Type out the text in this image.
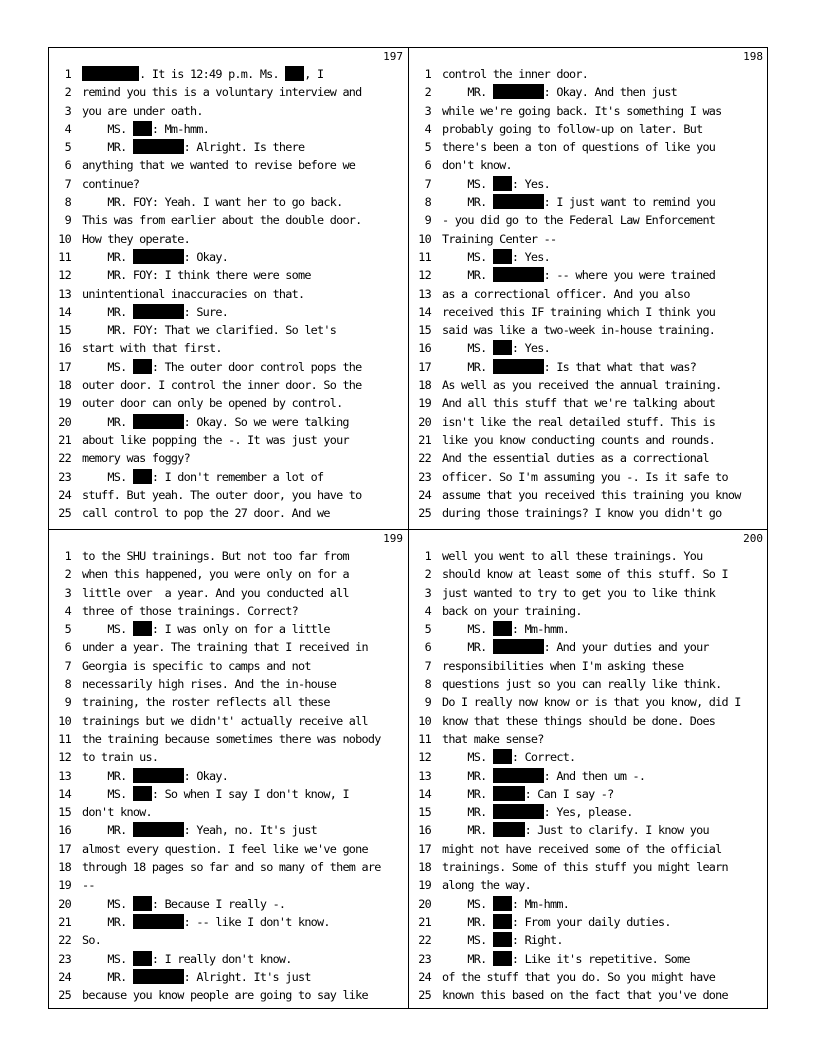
197
1	. It is 12:49 p.m. Ms. , I
2 remind you this is a voluntary interview and
3 you are under oath.
4 MS. : Mm-hmm.
5 MR.	: Alright. Is there
6 anything that we wanted to revise before we
7 continue?
8 MR. FOY: Yeah. I want her to go back.
9 This was from earlier about the double door.
10 How they operate.
11 MR.	: Okay.
12 MR. FOY: I think there were some
13 unintentional inaccuracies on that.
14 MR.	: Sure.
15 MR. FOY: That we clarified. So let's
16 start with that first.
17 MS. : The outer door control pops the
18 outer door. I control the inner door. So the
19 outer door can only be opened by control.
20 MR.	: Okay. So we were talking
21 about like popping the -. It was just your
22 memory was foggy?
23 MS. : I don't remember a lot of
24 stuff. But yeah. The outer door, you have to
25 call control to pop the 27 door. And we
198
1 control the inner door.
2 MR.	: Okay. And then just
3 while we're going back. It's something I was
4 probably going to follow-up on later. But
5 there's been a ton of questions of like you
6 don't know.
7 MS. : Yes.
8 MR.	: I just want to remind you
9 - you did go to the Federal Law Enforcement
10 Training Center --
11 MS. : Yes.
12 MR.	: -- where you were trained
13 as a correctional officer. And you also
14 received this IF training which I think you
15 said was like a two-week in-house training.
16 MS. : Yes.
17 MR.	: Is that what that was?
18 As well as you received the annual training.
19 And all this stuff that we're talking about
20 isn't like the real detailed stuff. This is
21 like you know conducting counts and rounds.
22 And the essential duties as a correctional
23 officer. So I'm assuming you -. Is it safe to
24 assume that you received this training you know
25 during those trainings? I know you didn't go
199
1 to the SHU trainings. But not too far from
2 when this happened, you were only on for a
3 little over  a year. And you conducted all
4 three of those trainings. Correct?
5 MS. : I was only on for a little
6 under a year. The training that I received in
7 Georgia is specific to camps and not
8 necessarily high rises. And the in-house
9 training, the roster reflects all these
10 trainings but we didn't' actually receive all
11 the training because sometimes there was nobody
12 to train us.
13 MR.	: Okay.
14 MS. : So when I say I don't know, I
15 don't know.
16 MR.	: Yeah, no. It's just
17 almost every question. I feel like we've gone
18 through 18 pages so far and so many of them are
19 --
20 MS. : Because I really -.
21 MR.	: -- like I don't know.
22 So.
23 MS. : I really don't know.
24 MR.	: Alright. It's just
25 because you know people are going to say like
200
1 well you went to all these trainings. You
2 should know at least some of this stuff. So I
3 just wanted to try to get you to like think
4 back on your training.
5 MS. : Mm-hmm.
6 MR.	: And your duties and your
7 responsibilities when I'm asking these
8 questions just so you can really like think.
9 Do I really now know or is that you know, did I
10 know that these things should be done. Does
11 that make sense?
12 MS. : Correct.
13 MR.	: And then um -.
14 MR.	: Can I say -?
15 MR.	: Yes, please.
16 MR.	: Just to clarify. I know you
17 might not have received some of the official
18 trainings. Some of this stuff you might learn
19 along the way.
20 MS. : Mm-hmm.
21 MR. : From your daily duties.
22 MS. : Right.
23 MR. : Like it's repetitive. Some
24 of the stuff that you do. So you might have
25 known this based on the fact that you've done
